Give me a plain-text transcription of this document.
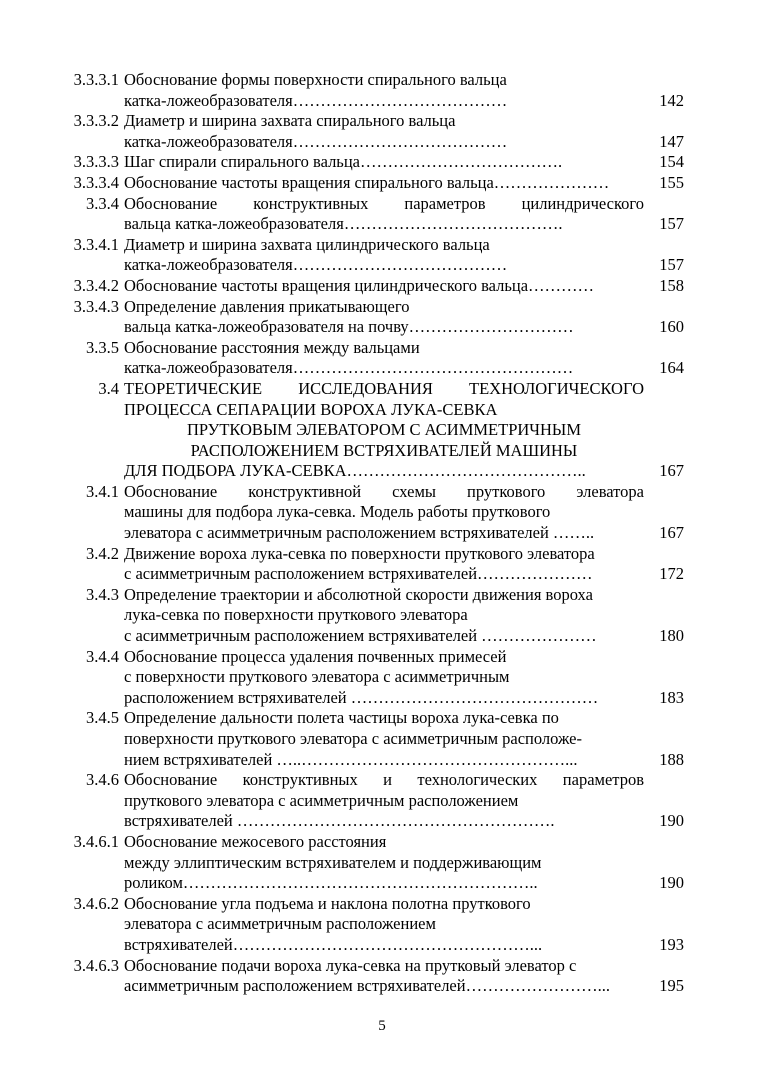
3.3.3.1 Обоснование формы поверхности спирального вальца
катка-ложеобразователя…………………………………	142
3.3.3.2 Диаметр и ширина захвата спирального вальца
катка-ложеобразователя…………………………………	147
3.3.3.3 Шаг спирали спирального вальца……………………………….	154
3.3.3.4 Обоснование частоты вращения спирального вальца…………………	155
3.3.4 Обоснование конструктивных параметров цилиндрического
вальца катка-ложеобразователя………………………………….	157
3.3.4.1 Диаметр и ширина захвата цилиндрического вальца
катка-ложеобразователя…………………………………	157
3.3.4.2 Обоснование частоты вращения цилиндрического вальца…………	158
3.3.4.3 Определение давления прикатывающего
вальца катка-ложеобразователя на почву…………………………	160
3.3.5 Обоснование расстояния между вальцами
катка-ложеобразователя……………………………………………	164
3.4 ТЕОРЕТИЧЕСКИЕ ИССЛЕДОВАНИЯ ТЕХНОЛОГИЧЕСКОГО
ПРОЦЕССА СЕПАРАЦИИ ВОРОХА ЛУКА-СЕВКА
ПРУТКОВЫМ ЭЛЕВАТОРОМ С АСИММЕТРИЧНЫМ
РАСПОЛОЖЕНИЕМ ВСТРЯХИВАТЕЛЕЙ МАШИНЫ
ДЛЯ ПОДБОРА ЛУКА-СЕВКА……………………………………..	167
3.4.1 Обоснование конструктивной схемы пруткового элеватора
машины для подбора лука-севка. Модель работы пруткового
элеватора с асимметричным расположением встряхивателей ……..	167
3.4.2 Движение вороха лука-севка по поверхности пруткового элеватора
с асимметричным расположением встряхивателей…………………	172
3.4.3 Определение траектории и абсолютной скорости движения вороха
лука-севка по поверхности пруткового элеватора
с асимметричным расположением встряхивателей …………………	180
3.4.4 Обоснование процесса удаления почвенных примесей
с поверхности пруткового элеватора с асимметричным
расположением встряхивателей ………………………………………	183
3.4.5 Определение дальности полета частицы вороха лука-севка по
поверхности пруткового элеватора с асимметричным расположе-
нием встряхивателей …..…………………………………………...	188
3.4.6 Обоснование конструктивных и технологических параметров
пруткового элеватора с асимметричным расположением
встряхивателей ………………………………………………….	190
3.4.6.1 Обоснование межосевого расстояния
между эллиптическим встряхивателем и поддерживающим
роликом………………………………………………………..	190
3.4.6.2 Обоснование угла подъема и наклона полотна пруткового
элеватора с асимметричным расположением
встряхивателей………………………………………………...	193
3.4.6.3 Обоснование подачи вороха лука-севка на прутковый элеватор с
асимметричным расположением встряхивателей……………………...	195
5
